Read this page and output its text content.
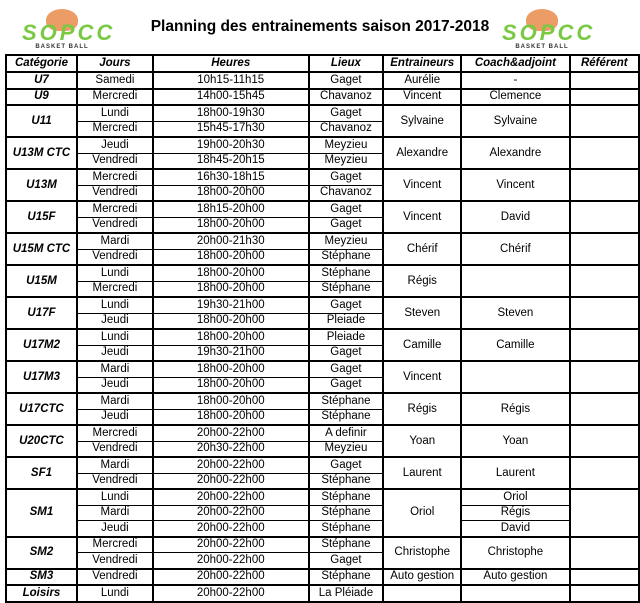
SOPCC
BASKET BALL
Planning des entrainements saison 2017-2018 SOPCC
BASKET BALL
Catégorie	Jours	Heures	Lieux	Entraineurs	Coach&adjoint	Référent
U7	Samedi	10h15-11h15	Gaget	Aurélie	-	
U9	Mercredi	14h00-15h45	Chavanoz	Vincent	Clemence	
U11	Lundi	18h00-19h30	Gaget	Sylvaine	Sylvaine	
	Mercredi	15h45-17h30	Chavanoz			
U13M CTC	Jeudi	19h00-20h30	Meyzieu	Alexandre	Alexandre	
	Vendredi	18h45-20h15	Meyzieu			
U13M	Mercredi	16h30-18h15	Gaget	Vincent	Vincent	
	Vendredi	18h00-20h00	Chavanoz			
U15F	Mercredi	18h15-20h00	Gaget	Vincent	David	
	Vendredi	18h00-20h00	Gaget			
U15M CTC	Mardi	20h00-21h30	Meyzieu	Chérif	Chérif	
	Vendredi	18h00-20h00	Stéphane			
U15M	Lundi	18h00-20h00	Stéphane	Régis		
	Mercredi	18h00-20h00	Stéphane			
U17F	Lundi	19h30-21h00	Gaget	Steven	Steven	
	Jeudi	18h00-20h00	Pleiade			
U17M2	Lundi	18h00-20h00	Pleiade	Camille	Camille	
	Jeudi	19h30-21h00	Gaget			
U17M3	Mardi	18h00-20h00	Gaget	Vincent		
	Jeudi	18h00-20h00	Gaget			
U17CTC	Mardi	18h00-20h00	Stéphane	Régis	Régis	
	Jeudi	18h00-20h00	Stéphane			
U20CTC	Mercredi	20h00-22h00	A definir	Yoan	Yoan	
	Vendredi	20h30-22h00	Meyzieu			
SF1	Mardi	20h00-22h00	Gaget	Laurent	Laurent	
	Vendredi	20h00-22h00	Stéphane			
SM1	Lundi	20h00-22h00	Stéphane	Oriol	Oriol	
	Mardi	20h00-22h00	Stéphane		Régis	
	Jeudi	20h00-22h00	Stéphane		David	
SM2	Mercredi	20h00-22h00	Stéphane	Christophe	Christophe	
	Vendredi	20h00-22h00	Gaget			
SM3	Vendredi	20h00-22h00	Stéphane	Auto gestion	Auto gestion	
Loisirs	Lundi	20h00-22h00	La Pléiade			
